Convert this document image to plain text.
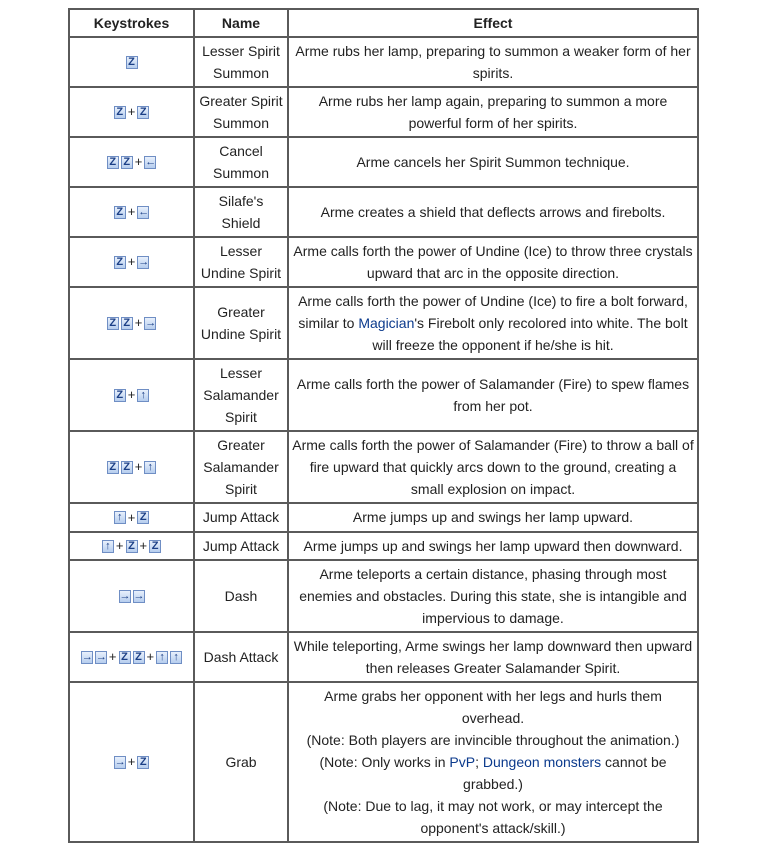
Keystrokes	Name	Effect
Z	Lesser Spirit Summon	Arme rubs her lamp, preparing to summon a weaker form of her spirits.
Z + Z	Greater Spirit Summon	Arme rubs her lamp again, preparing to summon a more powerful form of her spirits.
Z Z + ←	Cancel Summon	Arme cancels her Spirit Summon technique.
Z + ←	Silafe's Shield	Arme creates a shield that deflects arrows and firebolts.
Z + →	Lesser Undine Spirit	Arme calls forth the power of Undine (Ice) to throw three crystals upward that arc in the opposite direction.
Z Z + →	Greater Undine Spirit	Arme calls forth the power of Undine (Ice) to fire a bolt forward, similar to Magician's Firebolt only recolored into white. The bolt will freeze the opponent if he/she is hit.
Z + ↑	Lesser Salamander Spirit	Arme calls forth the power of Salamander (Fire) to spew flames from her pot.
Z Z + ↑	Greater Salamander Spirit	Arme calls forth the power of Salamander (Fire) to throw a ball of fire upward that quickly arcs down to the ground, creating a small explosion on impact.
↑ + Z	Jump Attack	Arme jumps up and swings her lamp upward.
↑ + Z + Z	Jump Attack	Arme jumps up and swings her lamp upward then downward.
→ →	Dash	Arme teleports a certain distance, phasing through most enemies and obstacles. During this state, she is intangible and impervious to damage.
→ → + Z Z + ↑ ↑	Dash Attack	While teleporting, Arme swings her lamp downward then upward then releases Greater Salamander Spirit.
→ + Z	Grab	Arme grabs her opponent with her legs and hurls them overhead.
(Note: Both players are invincible throughout the animation.)
(Note: Only works in PvP; Dungeon monsters cannot be grabbed.)
(Note: Due to lag, it may not work, or may intercept the opponent's attack/skill.)
